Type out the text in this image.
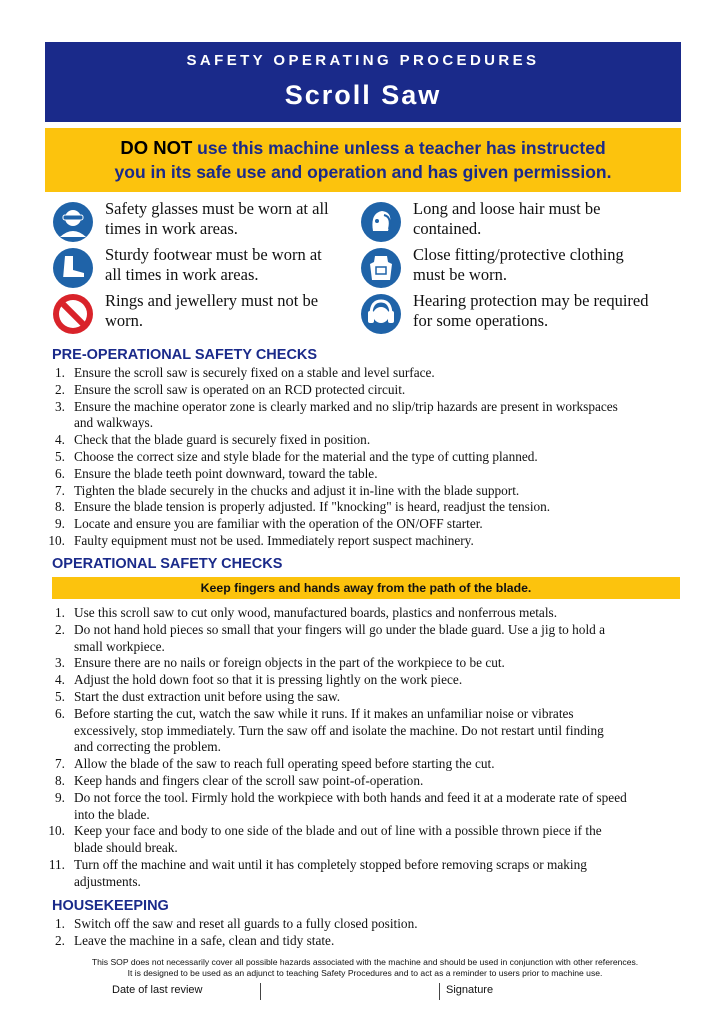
SAFETY OPERATING PROCEDURES
Scroll Saw
DO NOT use this machine unless a teacher has instructed
you in its safe use and operation and has given permission.
Safety glasses must be worn at all
times in work areas.
Long and loose hair must be
contained.
Sturdy footwear must be worn at
all times in work areas.
Close fitting/protective clothing
must be worn.
Rings and jewellery must not be
worn.
Hearing protection may be required
for some operations.
PRE-OPERATIONAL SAFETY CHECKS
1. Ensure the scroll saw is securely fixed on a stable and level surface.
2. Ensure the scroll saw is operated on an RCD protected circuit.
3. Ensure the machine operator zone is clearly marked and no slip/trip hazards are present in workspaces
and walkways.
4. Check that the blade guard is securely fixed in position.
5. Choose the correct size and style blade for the material and the type of cutting planned.
6. Ensure the blade teeth point downward, toward the table.
7. Tighten the blade securely in the chucks and adjust it in-line with the blade support.
8. Ensure the blade tension is properly adjusted. If "knocking" is heard, readjust the tension.
9. Locate and ensure you are familiar with the operation of the ON/OFF starter.
10. Faulty equipment must not be used. Immediately report suspect machinery.
OPERATIONAL SAFETY CHECKS
Keep fingers and hands away from the path of the blade.
1. Use this scroll saw to cut only wood, manufactured boards, plastics and nonferrous metals.
2. Do not hand hold pieces so small that your fingers will go under the blade guard. Use a jig to hold a
small workpiece.
3. Ensure there are no nails or foreign objects in the part of the workpiece to be cut.
4. Adjust the hold down foot so that it is pressing lightly on the work piece.
5. Start the dust extraction unit before using the saw.
6. Before starting the cut, watch the saw while it runs. If it makes an unfamiliar noise or vibrates
excessively, stop immediately. Turn the saw off and isolate the machine. Do not restart until finding
and correcting the problem.
7. Allow the blade of the saw to reach full operating speed before starting the cut.
8. Keep hands and fingers clear of the scroll saw point-of-operation.
9. Do not force the tool. Firmly hold the workpiece with both hands and feed it at a moderate rate of speed
into the blade.
10. Keep your face and body to one side of the blade and out of line with a possible thrown piece if the
blade should break.
11. Turn off the machine and wait until it has completely stopped before removing scraps or making
adjustments.
HOUSEKEEPING
1. Switch off the saw and reset all guards to a fully closed position.
2. Leave the machine in a safe, clean and tidy state.
This SOP does not necessarily cover all possible hazards associated with the machine and should be used in conjunction with other references.
It is designed to be used as an adjunct to teaching Safety Procedures and to act as a reminder to users prior to machine use.
Date of last review	Signature
